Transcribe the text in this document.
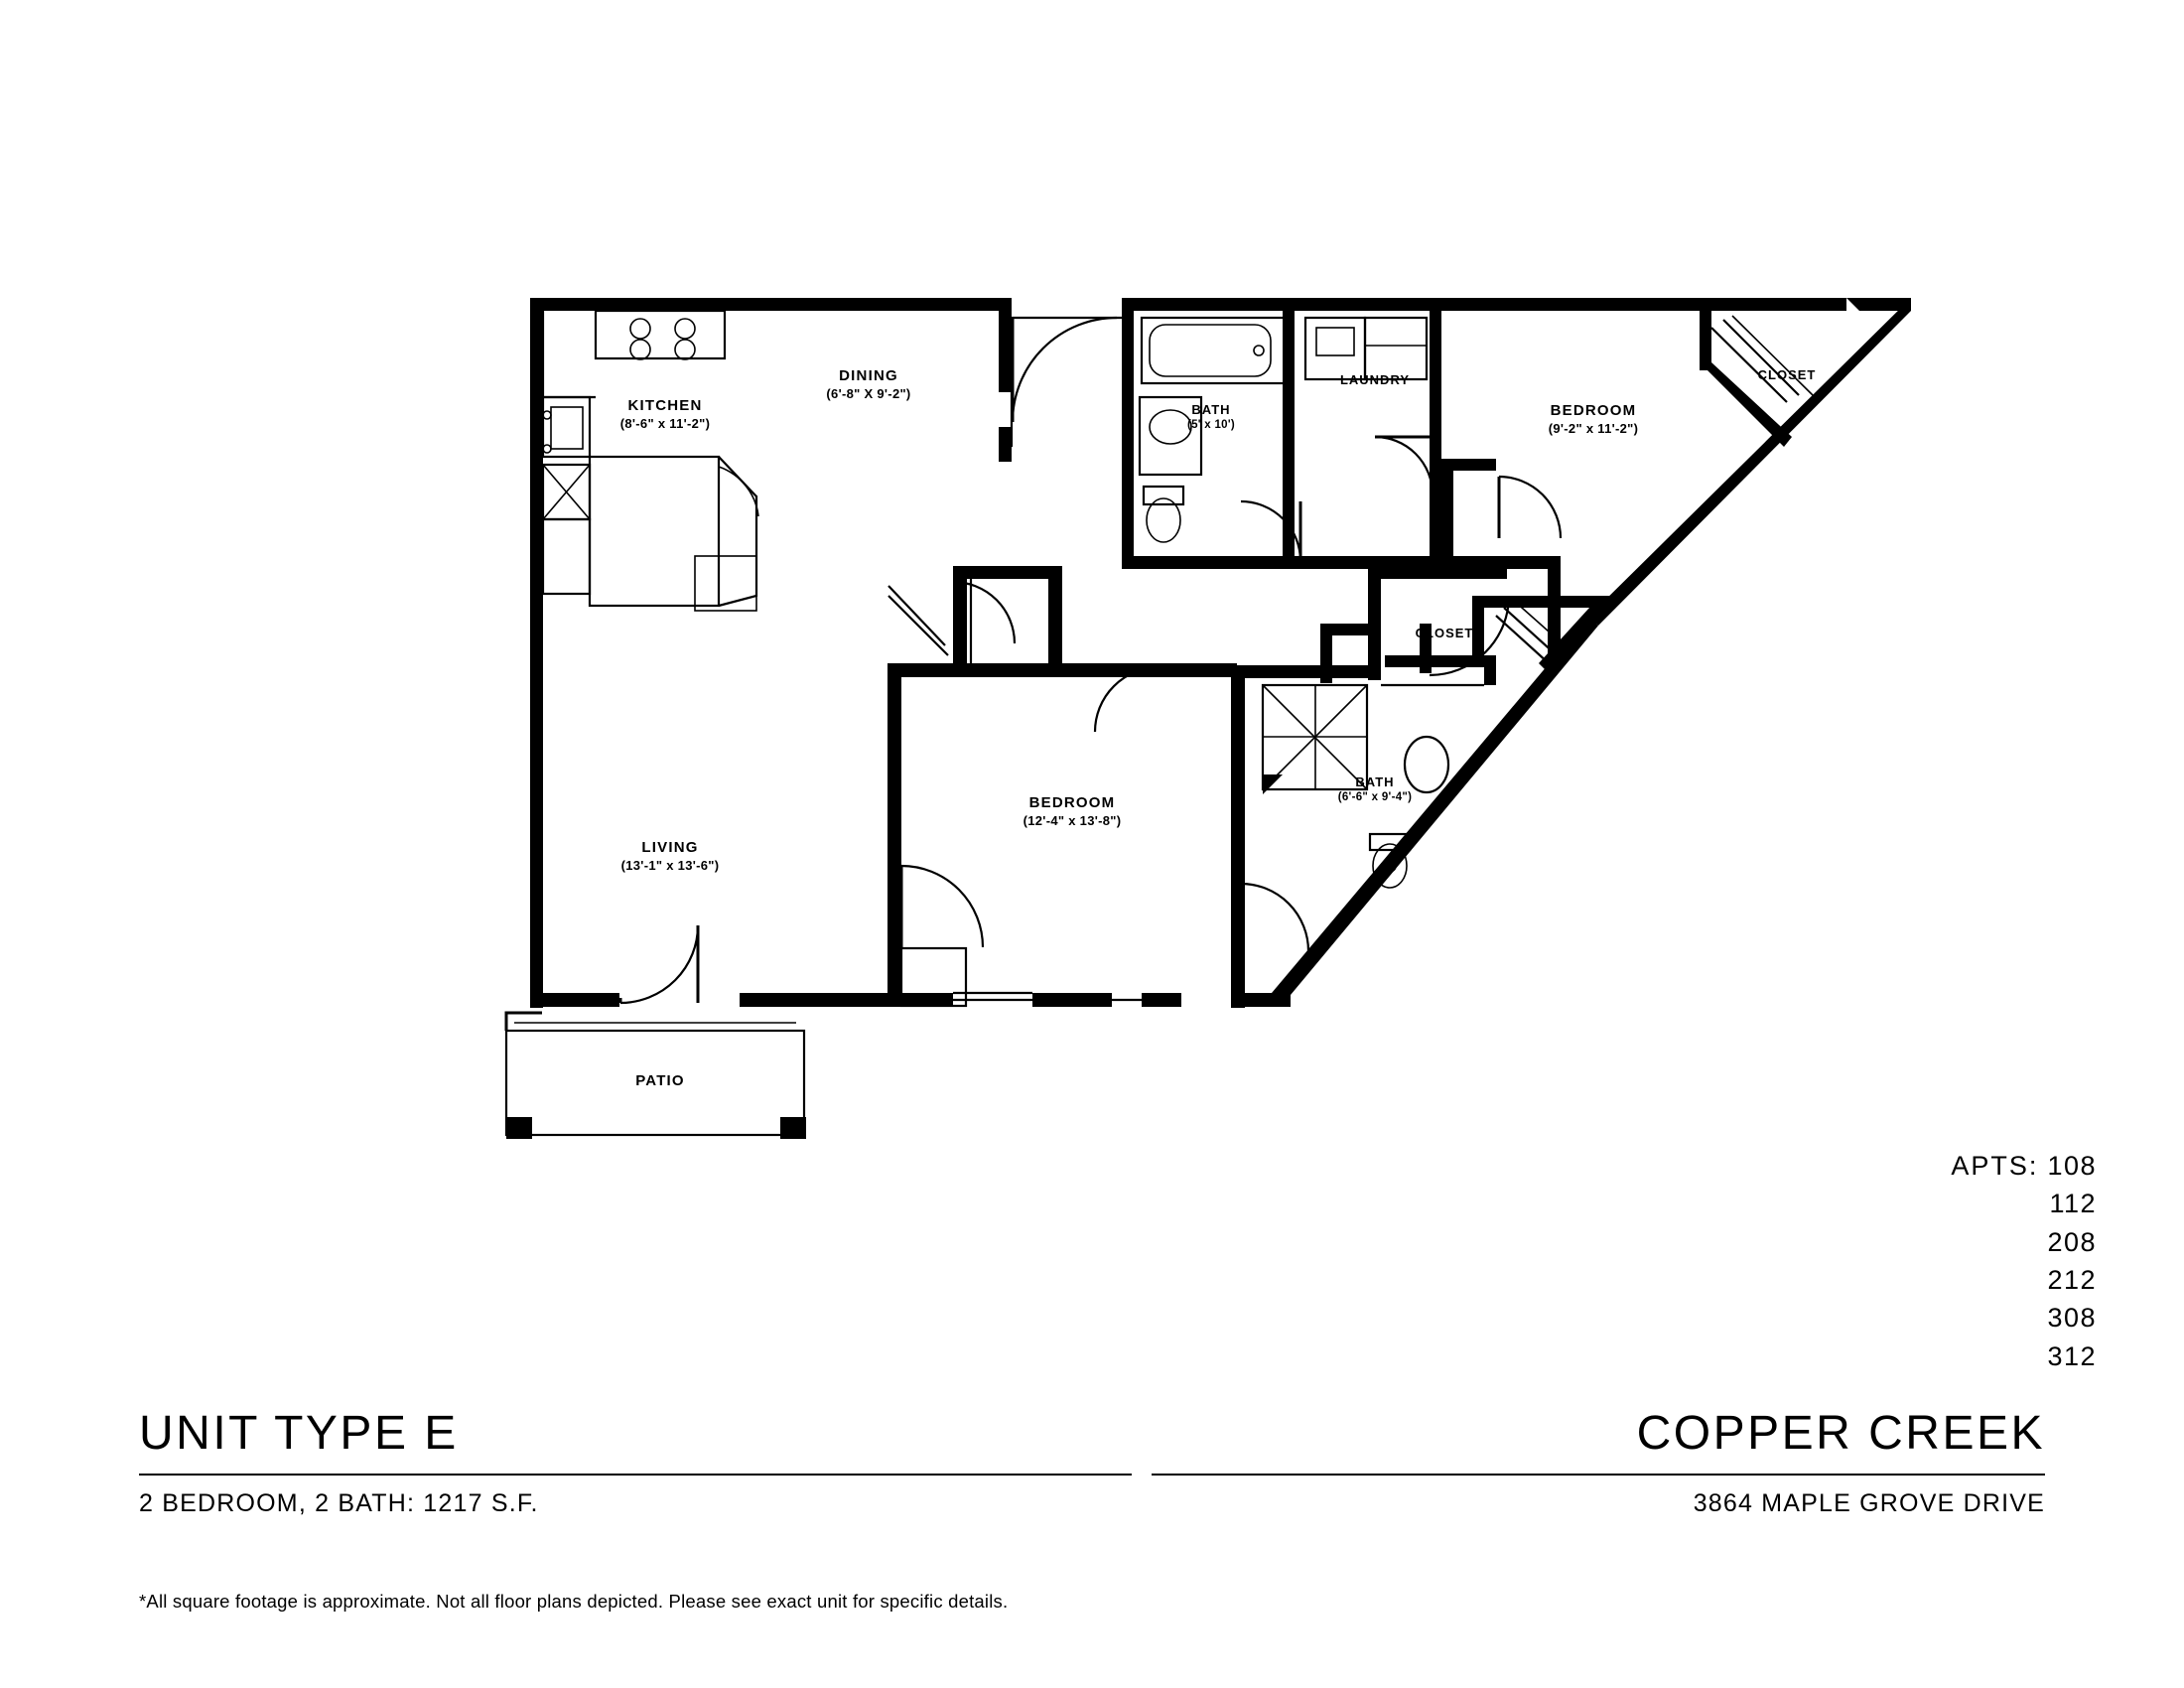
KITCHEN
(8'-6" x 11'-2")
DINING
(6'-8" X 9'-2")
BATH
(5' x 10')
LAUNDRY
BEDROOM
(9'-2" x 11'-2")
CLOSET
CLOSET
BATH
(6'-6" x 9'-4")
BEDROOM
(12'-4" x 13'-8")
LIVING
(13'-1" x 13'-6")
PATIO
APTS: 108
112
208
212
308
312
UNIT TYPE E

2 BEDROOM, 2 BATH: 1217 S.F.

COPPER CREEK

3864 MAPLE GROVE DRIVE

*All square footage is approximate. Not all floor plans depicted. Please see exact unit for specific details.
